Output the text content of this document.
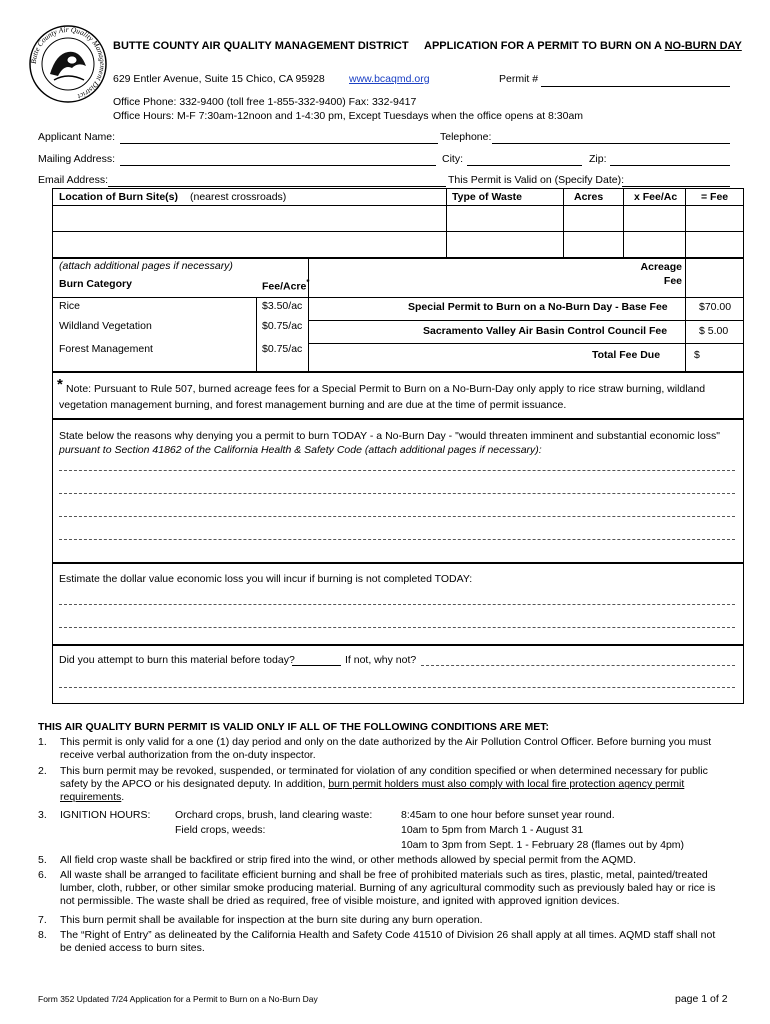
Butte County Air Quality Management District
BUTTE COUNTY AIR QUALITY MANAGEMENT DISTRICT APPLICATION FOR A PERMIT TO BURN ON A NO-BURN DAY
629 Entler Avenue, Suite 15 Chico, CA 95928 www.bcaqmd.org	Permit #
Office Phone: 332-9400 (toll free 1-855-332-9400) Fax: 332-9417
Office Hours: M-F 7:30am-12noon and 1-4:30 pm, Except Tuesdays when the office opens at 8:30am
Applicant Name:	Telephone:
Mailing Address:	City:	Zip:
Email Address:	This Permit is Valid on (Specify Date):
Location of Burn Site(s) (nearest crossroads)	Type of Waste	Acres	x Fee/Ac = Fee
(attach additional pages if necessary)	Acreage Fee
Burn Category	Fee/Acre*
Rice	$3.50/ac
Wildland Vegetation	$0.75/ac
Forest Management	$0.75/ac
Special Permit to Burn on a No-Burn Day - Base Fee	$70.00
Sacramento Valley Air Basin Control Council Fee	$ 5.00
Total Fee Due	$
* Note: Pursuant to Rule 507, burned acreage fees for a Special Permit to Burn on a No-Burn-Day only apply to rice straw burning, wildland
vegetation management burning, and forest management burning and are due at the time of permit issuance.
State below the reasons why denying you a permit to burn TODAY - a No-Burn Day - "would threaten imminent and substantial economic loss"
pursuant to Section 41862 of the California Health & Safety Code (attach additional pages if necessary):
Estimate the dollar value economic loss you will incur if burning is not completed TODAY:
Did you attempt to burn this material before today?	If not, why not?
THIS AIR QUALITY BURN PERMIT IS VALID ONLY IF ALL OF THE FOLLOWING CONDITIONS ARE MET:
1. This permit is only valid for a one (1) day period and only on the date authorized by the Air Pollution Control Officer. Before burning you must receive verbal authorization from the on-duty inspector.
2. This burn permit may be revoked, suspended, or terminated for violation of any condition specified or when determined necessary for public safety by the APCO or his designated deputy. In addition, burn permit holders must also comply with local fire protection agency permit requirements.
3. IGNITION HOURS: Orchard crops, brush, land clearing waste:	8:45am to one hour before sunset year round.
Field crops, weeds:	10am to 5pm from March 1 - August 31
10am to 3pm from Sept. 1 - February 28 (flames out by 4pm)
5. All field crop waste shall be backfired or strip fired into the wind, or other methods allowed by special permit from the AQMD.
6. All waste shall be arranged to facilitate efficient burning and shall be free of prohibited materials such as tires, plastic, metal, painted/treated lumber, cloth, rubber, or other similar smoke producing material. Burning of any agricultural commodity such as previously baled hay or rice is not permissible. The waste shall be dried as required, free of visible moisture, and ignited with approved ignition devices.
7. This burn permit shall be available for inspection at the burn site during any burn operation.
8. The “Right of Entry” as delineated by the California Health and Safety Code 41510 of Division 26 shall apply at all times. AQMD staff shall not be denied access to burn sites.
Form 352 Updated 7/24 Application for a Permit to Burn on a No-Burn Day	page 1 of 2
